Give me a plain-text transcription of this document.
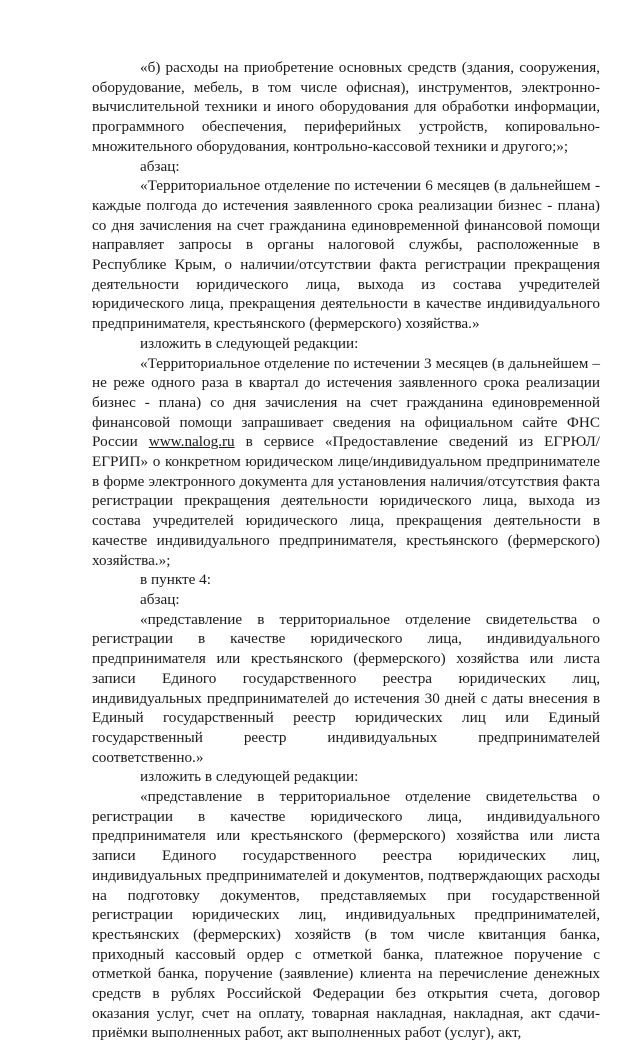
«б) расходы на приобретение основных средств (здания, сооружения, оборудование, мебель, в том числе офисная), инструментов, электронно-вычислительной техники и иного оборудования для обработки информации, программного обеспечения, периферийных устройств, копировально-множительного оборудования, контрольно-кассовой техники и другого;»;

абзац:

«Территориальное отделение по истечении 6 месяцев (в дальнейшем - каждые полгода до истечения заявленного срока реализации бизнес - плана) со дня зачисления на счет гражданина единовременной финансовой помощи направляет запросы в органы налоговой службы, расположенные в Республике Крым, о наличии/отсутствии факта регистрации прекращения деятельности юридического лица, выхода из состава учредителей юридического лица, прекращения деятельности в качестве индивидуального предпринимателя, крестьянского (фермерского) хозяйства.»

изложить в следующей редакции:

«Территориальное отделение по истечении 3 месяцев (в дальнейшем – не реже одного раза в квартал до истечения заявленного срока реализации бизнес - плана) со дня зачисления на счет гражданина единовременной финансовой помощи запрашивает сведения на официальном сайте ФНС России www.nalog.ru в сервисе «Предоставление сведений из ЕГРЮЛ/ЕГРИП» о конкретном юридическом лице/индивидуальном предпринимателе в форме электронного документа для установления наличия/отсутствия факта регистрации прекращения деятельности юридического лица, выхода из состава учредителей юридического лица, прекращения деятельности в качестве индивидуального предпринимателя, крестьянского (фермерского) хозяйства.»;

в пункте 4:

абзац:

«представление в территориальное отделение свидетельства о регистрации в качестве юридического лица, индивидуального предпринимателя или крестьянского (фермерского) хозяйства или листа записи Единого государственного реестра юридических лиц, индивидуальных предпринимателей до истечения 30 дней с даты внесения в Единый государственный реестр юридических лиц или Единый государственный реестр индивидуальных предпринимателей соответственно.»

изложить в следующей редакции:

«представление в территориальное отделение свидетельства о регистрации в качестве юридического лица, индивидуального предпринимателя или крестьянского (фермерского) хозяйства или листа записи Единого государственного реестра юридических лиц, индивидуальных предпринимателей и документов, подтверждающих расходы на подготовку документов, представляемых при государственной регистрации юридических лиц, индивидуальных предпринимателей, крестьянских (фермерских) хозяйств (в том числе квитанция банка, приходный кассовый ордер с отметкой банка, платежное поручение с отметкой банка, поручение (заявление) клиента на перечисление денежных средств в рублях Российской Федерации без открытия счета, договор оказания услуг, счет на оплату, товарная накладная, накладная, акт сдачи-приёмки выполненных работ, акт выполненных работ (услуг), акт,
